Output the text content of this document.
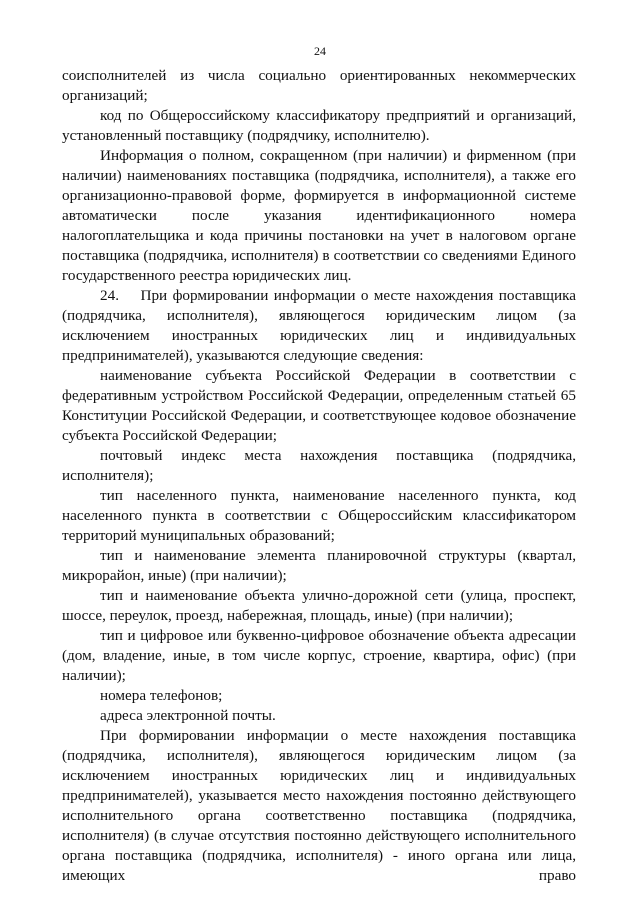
24

соисполнителей из числа социально ориентированных некоммерческих организаций;

код по Общероссийскому классификатору предприятий и организаций, установленный поставщику (подрядчику, исполнителю).

Информация о полном, сокращенном (при наличии) и фирменном (при наличии) наименованиях поставщика (подрядчика, исполнителя), а также его организационно-правовой форме, формируется в информационной системе автоматически после указания идентификационного номера налогоплательщика и кода причины постановки на учет в налоговом органе поставщика (подрядчика, исполнителя) в соответствии со сведениями Единого государственного реестра юридических лиц.

24.    При формировании информации о месте нахождения поставщика (подрядчика, исполнителя), являющегося юридическим лицом (за исключением иностранных юридических лиц и индивидуальных предпринимателей), указываются следующие сведения:

наименование субъекта Российской Федерации в соответствии с федеративным устройством Российской Федерации, определенным статьей 65 Конституции Российской Федерации, и соответствующее кодовое обозначение субъекта Российской Федерации;

почтовый индекс места нахождения поставщика (подрядчика, исполнителя);

тип населенного пункта, наименование населенного пункта, код населенного пункта в соответствии с Общероссийским классификатором территорий муниципальных образований;

тип и наименование элемента планировочной структуры (квартал, микрорайон, иные) (при наличии);

тип и наименование объекта улично-дорожной сети (улица, проспект, шоссе, переулок, проезд, набережная, площадь, иные) (при наличии);

тип и цифровое или буквенно-цифровое обозначение объекта адресации (дом, владение, иные, в том числе корпус, строение, квартира, офис) (при наличии);

номера телефонов;

адреса электронной почты.

При формировании информации о месте нахождения поставщика (подрядчика, исполнителя), являющегося юридическим лицом (за исключением иностранных юридических лиц и индивидуальных предпринимателей), указывается место нахождения постоянно действующего исполнительного органа соответственно поставщика (подрядчика, исполнителя) (в случае отсутствия постоянно действующего исполнительного органа поставщика (подрядчика, исполнителя) - иного органа или лица, имеющих право
